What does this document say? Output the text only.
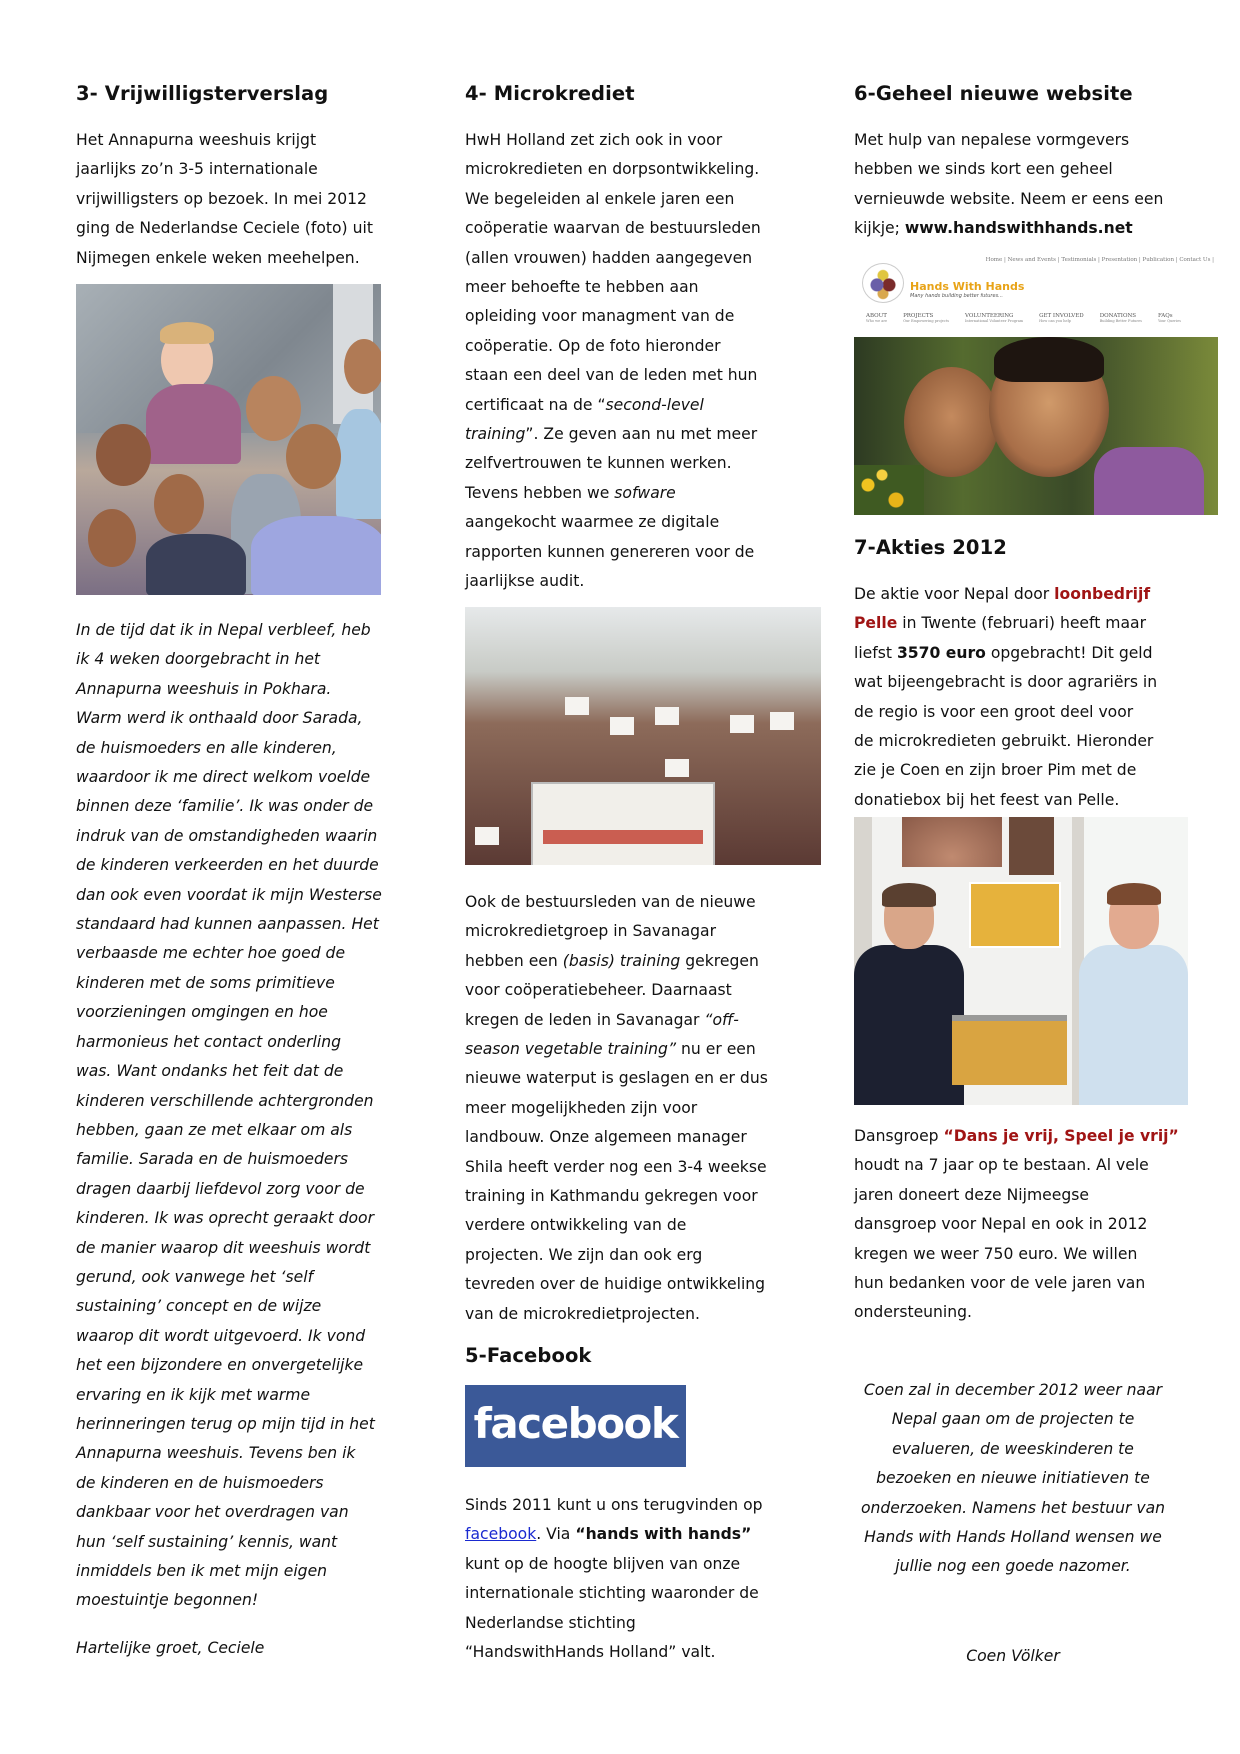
3- Vrijwilligsterverslag
Het Annapurna weeshuis krijgt
jaarlijks zo’n 3-5 internationale
vrijwilligsters op bezoek. In mei 2012
ging de Nederlandse Ceciele (foto) uit
Nijmegen enkele weken meehelpen.
In de tijd dat ik in Nepal verbleef, heb
ik 4 weken doorgebracht in het
Annapurna weeshuis in Pokhara.
Warm werd ik onthaald door Sarada,
de huismoeders en alle kinderen,
waardoor ik me direct welkom voelde
binnen deze ‘familie’. Ik was onder de
indruk van de omstandigheden waarin
de kinderen verkeerden en het duurde
dan ook even voordat ik mijn Westerse
standaard had kunnen aanpassen. Het
verbaasde me echter hoe goed de
kinderen met de soms primitieve
voorzieningen omgingen en hoe
harmonieus het contact onderling
was. Want ondanks het feit dat de
kinderen verschillende achtergronden
hebben, gaan ze met elkaar om als
familie. Sarada en de huismoeders
dragen daarbij liefdevol zorg voor de
kinderen. Ik was oprecht geraakt door
de manier waarop dit weeshuis wordt
gerund, ook vanwege het ‘self
sustaining’ concept en de wijze
waarop dit wordt uitgevoerd. Ik vond
het een bijzondere en onvergetelijke
ervaring en ik kijk met warme
herinneringen terug op mijn tijd in het
Annapurna weeshuis. Tevens ben ik
de kinderen en de huismoeders
dankbaar voor het overdragen van
hun ‘self sustaining’ kennis, want
inmiddels ben ik met mijn eigen
moestuintje begonnen!
Hartelijke groet, Ceciele
4- Microkrediet
HwH Holland zet zich ook in voor
microkredieten en dorpsontwikkeling.
We begeleiden al enkele jaren een
coöperatie waarvan de bestuursleden
(allen vrouwen) hadden aangegeven
meer behoefte te hebben aan
opleiding voor managment van de
coöperatie. Op de foto hieronder
staan een deel van de leden met hun
certificaat na de “second-level
training”. Ze geven aan nu met meer
zelfvertrouwen te kunnen werken.
Tevens hebben we sofware
aangekocht waarmee ze digitale
rapporten kunnen genereren voor de
jaarlijkse audit.
Ook de bestuursleden van de nieuwe
microkredietgroep in Savanagar
hebben een (basis) training gekregen
voor coöperatiebeheer. Daarnaast
kregen de leden in Savanagar “off-
season vegetable training” nu er een
nieuwe waterput is geslagen en er dus
meer mogelijkheden zijn voor
landbouw. Onze algemeen manager
Shila heeft verder nog een 3-4 weekse
training in Kathmandu gekregen voor
verdere ontwikkeling van de
projecten. We zijn dan ook erg
tevreden over de huidige ontwikkeling
van de microkredietprojecten.
5-Facebook
facebook
Sinds 2011 kunt u ons terugvinden op
facebook. Via “hands with hands”
kunt op de hoogte blijven van onze
internationale stichting waaronder de
Nederlandse stichting
“HandswithHands Holland” valt.
6-Geheel nieuwe website
Met hulp van nepalese vormgevers
hebben we sinds kort een geheel
vernieuwde website. Neem er eens een
kijkje; www.handswithhands.net
Home | News and Events | Testimonials | Presentation | Publication | Contact Us |
Hands With Hands
Many hands building better futures...
ABOUT
Who we are
PROJECTS
Our Empowering projects
VOLUNTEERING
International Volunteer Program
GET INVOLVED
How can you help
DONATIONS
Building Better Futures
FAQs
Your Queries
7-Akties 2012
De aktie voor Nepal door loonbedrijf
Pelle in Twente (februari) heeft maar
liefst 3570 euro opgebracht! Dit geld
wat bijeengebracht is door agrariërs in
de regio is voor een groot deel voor
de microkredieten gebruikt. Hieronder
zie je Coen en zijn broer Pim met de
donatiebox bij het feest van Pelle.
Dansgroep “Dans je vrij, Speel je vrij”
houdt na 7 jaar op te bestaan. Al vele
jaren doneert deze Nijmeegse
dansgroep voor Nepal en ook in 2012
kregen we weer 750 euro. We willen
hun bedanken voor de vele jaren van
ondersteuning.
Coen zal in december 2012 weer naar
Nepal gaan om de projecten te
evalueren, de weeskinderen te
bezoeken en nieuwe initiatieven te
onderzoeken. Namens het bestuur van
Hands with Hands Holland wensen we
jullie nog een goede nazomer.
Coen Völker
